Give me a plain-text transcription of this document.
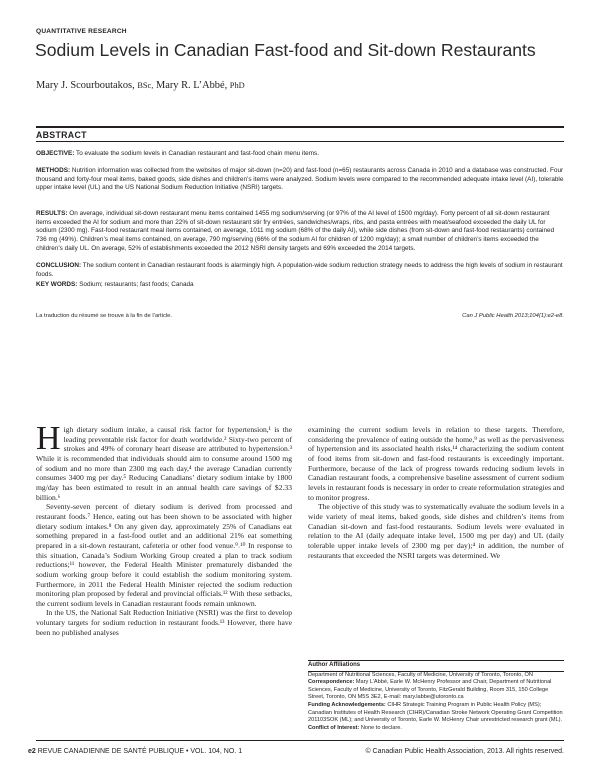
QUANTITATIVE RESEARCH
Sodium Levels in Canadian Fast-food and Sit-down Restaurants
Mary J. Scourboutakos, BSc, Mary R. L’Abbé, PhD
ABSTRACT

OBJECTIVE: To evaluate the sodium levels in Canadian restaurant and fast-food chain menu items.

METHODS: Nutrition information was collected from the websites of major sit-down (n=20) and fast-food (n=65) restaurants across Canada in 2010 and a database was constructed. Four thousand and forty-four meal items, baked goods, side dishes and children’s items were analyzed. Sodium levels were compared to the recommended adequate intake level (AI), tolerable upper intake level (UL) and the US National Sodium Reduction Initiative (NSRI) targets.

RESULTS: On average, individual sit-down restaurant menu items contained 1455 mg sodium/serving (or 97% of the AI level of 1500 mg/day). Forty percent of all sit-down restaurant items exceeded the AI for sodium and more than 22% of sit-down restaurant stir fry entrées, sandwiches/wraps, ribs, and pasta entrées with meat/seafood exceeded the daily UL for sodium (2300 mg). Fast-food restaurant meal items contained, on average, 1011 mg sodium (68% of the daily AI), while side dishes (from sit-down and fast-food restaurants) contained 736 mg (49%). Children’s meal items contained, on average, 790 mg/serving (66% of the sodium AI for children of 1200 mg/day); a small number of children’s items exceeded the children’s daily UL. On average, 52% of establishments exceeded the 2012 NSRI density targets and 69% exceeded the 2014 targets.

CONCLUSION: The sodium content in Canadian restaurant foods is alarmingly high. A population-wide sodium reduction strategy needs to address the high levels of sodium in restaurant foods.

KEY WORDS: Sodium; restaurants; fast foods; Canada

La traduction du résumé se trouve à la fin de l’article.	Can J Public Health 2013;104(1):e2-e8.

High dietary sodium intake, a causal risk factor for hypertension,¹ is the leading preventable risk factor for death worldwide.² Sixty-two percent of strokes and 49% of coronary heart disease are attributed to hypertension.³ While it is recommended that individuals should aim to consume around 1500 mg of sodium and no more than 2300 mg each day,⁴ the average Canadian currently consumes 3400 mg per day.⁵ Reducing Canadians’ dietary sodium intake by 1800 mg/day has been estimated to result in an annual health care savings of $2.33 billion.⁶

Seventy-seven percent of dietary sodium is derived from processed and restaurant foods.⁷ Hence, eating out has been shown to be associated with higher dietary sodium intakes.⁸ On any given day, approximately 25% of Canadians eat something prepared in a fast-food outlet and an additional 21% eat something prepared in a sit-down restaurant, cafeteria or other food venue.⁹˒¹⁰ In response to this situation, Canada’s Sodium Working Group created a plan to track sodium reductions;¹¹ however, the Federal Health Minister prematurely disbanded the sodium working group before it could establish the sodium monitoring system. Furthermore, in 2011 the Federal Health Minister rejected the sodium reduction monitoring plan proposed by federal and provincial officials.¹² With these setbacks, the current sodium levels in Canadian restaurant foods remain unknown.

In the US, the National Salt Reduction Initiative (NSRI) was the first to develop voluntary targets for sodium reduction in restaurant foods.¹³ However, there have been no published analyses

examining the current sodium levels in relation to these targets. Therefore, considering the prevalence of eating outside the home,⁹ as well as the pervasiveness of hypertension and its associated health risks,¹⁴ characterizing the sodium content of food items from sit-down and fast-food restaurants is exceedingly important. Furthermore, because of the lack of progress towards reducing sodium levels in Canadian restaurant foods, a comprehensive baseline assessment of current sodium levels in restaurant foods is necessary in order to create reformulation strategies and to monitor progress.

The objective of this study was to systematically evaluate the sodium levels in a wide variety of meal items, baked goods, side dishes and children’s items from Canadian sit-down and fast-food restaurants. Sodium levels were evaluated in relation to the AI (daily adequate intake level, 1500 mg per day) and UL (daily tolerable upper intake levels of 2300 mg per day);⁴ in addition, the number of restaurants that exceeded the NSRI targets was determined. We

Author Affiliations

Department of Nutritional Sciences, Faculty of Medicine, University of Toronto, Toronto, ON

Correspondence: Mary L’Abbé, Earle W. McHenry Professor and Chair, Department of Nutritional Sciences, Faculty of Medicine, University of Toronto, FitzGerald Building, Room 315, 150 College Street, Toronto, ON M5S 3E2, E-mail: mary.labbe@utoronto.ca

Funding Acknowledgements: CIHR Strategic Training Program in Public Health Policy (MS); Canadian Institutes of Health Research (CIHR)/Canadian Stroke Network Operating Grant Competition 201103SOK (ML); and University of Toronto, Earle W. McHenry Chair unrestricted research grant (ML).

Conflict of Interest: None to declare.

e2 REVUE CANADIENNE DE SANTÉ PUBLIQUE • VOL. 104, NO. 1	© Canadian Public Health Association, 2013. All rights reserved.
